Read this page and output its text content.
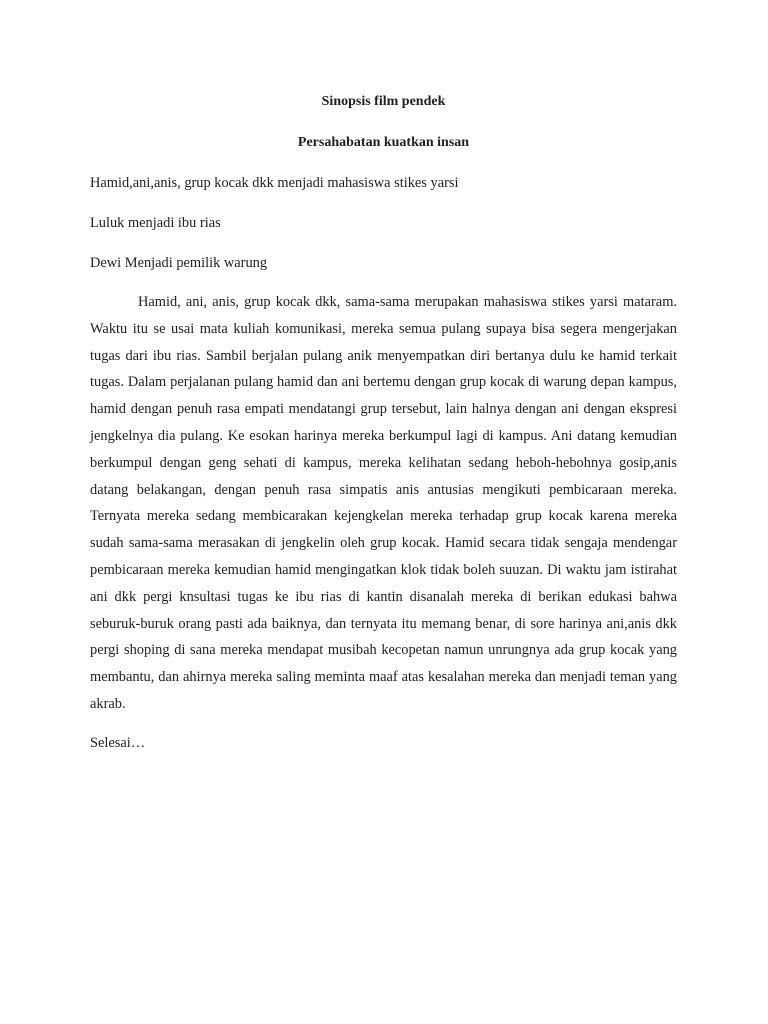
Sinopsis film pendek
Persahabatan kuatkan insan
Hamid,ani,anis, grup kocak dkk menjadi mahasiswa stikes yarsi
Luluk menjadi ibu rias
Dewi Menjadi pemilik warung

Hamid, ani, anis, grup kocak dkk, sama-sama merupakan mahasiswa stikes yarsi mataram. Waktu itu se usai mata kuliah komunikasi, mereka semua pulang supaya bisa segera mengerjakan tugas dari ibu rias. Sambil berjalan pulang anik menyempatkan diri bertanya dulu ke hamid terkait tugas. Dalam perjalanan pulang hamid dan ani bertemu dengan grup kocak di warung depan kampus, hamid dengan penuh rasa empati mendatangi grup tersebut, lain halnya dengan ani dengan ekspresi jengkelnya dia pulang. Ke esokan harinya mereka berkumpul lagi di kampus. Ani datang kemudian berkumpul dengan geng sehati di kampus, mereka kelihatan sedang heboh-hebohnya gosip,anis datang belakangan, dengan penuh rasa simpatis anis antusias mengikuti pembicaraan mereka. Ternyata mereka sedang membicarakan kejengkelan mereka terhadap grup kocak karena mereka sudah sama-sama merasakan di jengkelin oleh grup kocak. Hamid secara tidak sengaja mendengar pembicaraan mereka kemudian hamid mengingatkan klok tidak boleh suuzan. Di waktu jam istirahat ani dkk pergi knsultasi tugas ke ibu rias di kantin disanalah mereka di berikan edukasi bahwa seburuk-buruk orang pasti ada baiknya, dan ternyata itu memang benar, di sore harinya ani,anis dkk pergi shoping di sana mereka mendapat musibah kecopetan namun unrungnya ada grup kocak yang membantu, dan ahirnya mereka saling meminta maaf atas kesalahan mereka dan menjadi teman yang akrab.

Selesai…
